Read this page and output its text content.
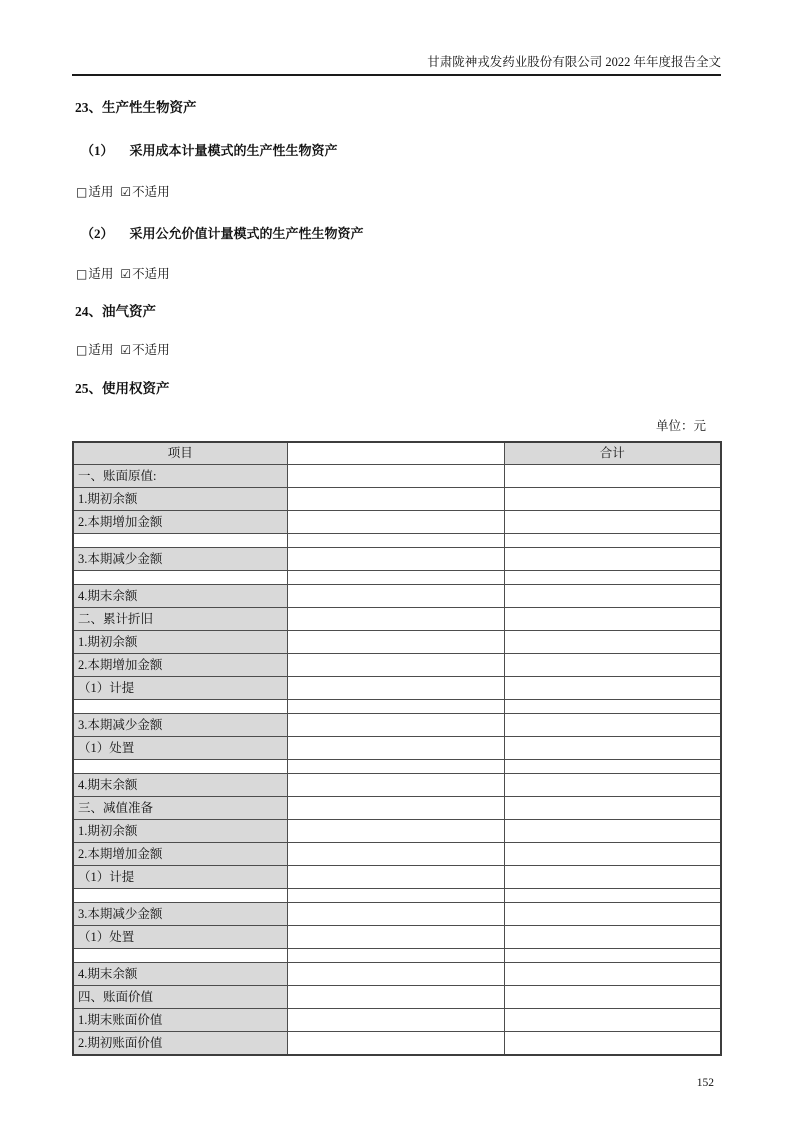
甘肃陇神戎发药业股份有限公司 2022 年年度报告全文
23、生产性生物资产
（1） 采用成本计量模式的生产性生物资产
□适用 ☑不适用
（2） 采用公允价值计量模式的生产性生物资产
□适用 ☑不适用
24、油气资产
□适用 ☑不适用
25、使用权资产
单位：元
项目		合计
一、账面原值:		
1.期初余额		
2.本期增加金额		

3.本期减少金额		

4.期末余额		
二、累计折旧		
1.期初余额		
2.本期增加金额		
（1）计提		

3.本期减少金额		
（1）处置		

4.期末余额		
三、减值准备		
1.期初余额		
2.本期增加金额		
（1）计提		

3.本期减少金额		
（1）处置		

4.期末余额		
四、账面价值		
1.期末账面价值		
2.期初账面价值		
152
